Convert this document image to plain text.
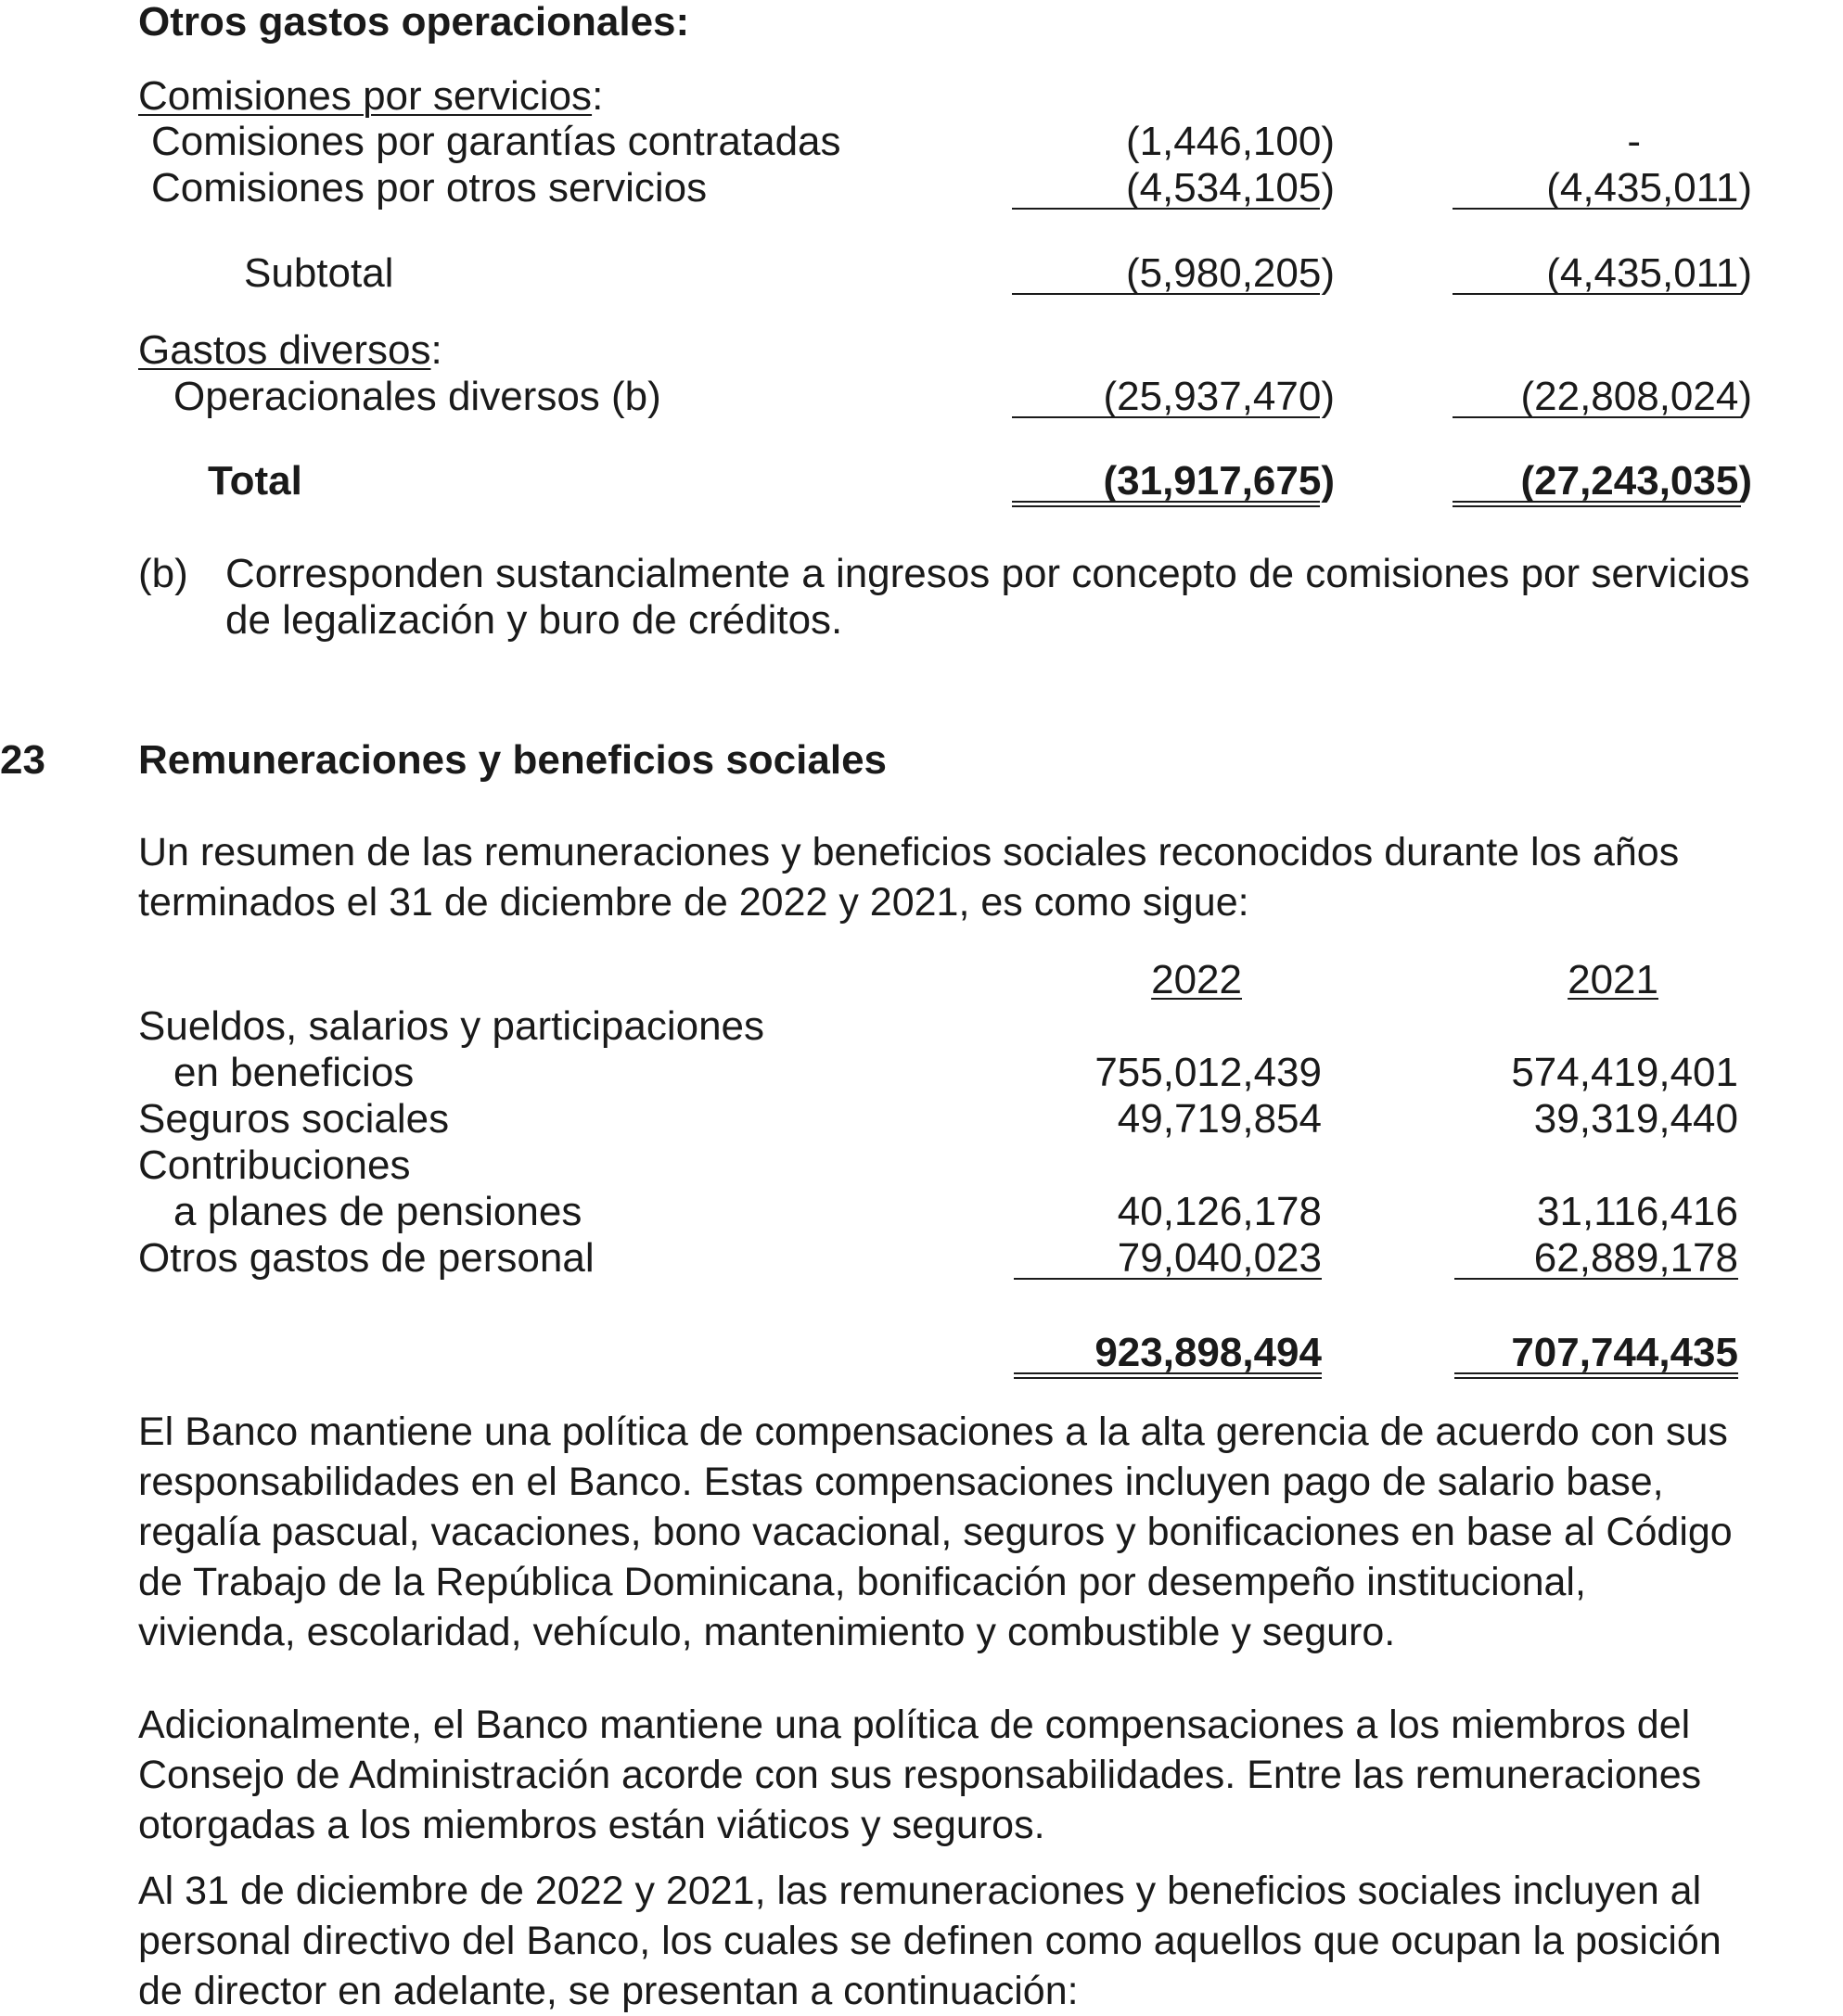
Otros gastos operacionales:
Comisiones por servicios:
Comisiones por garantías contratadas	(1,446,100)	-
Comisiones por otros servicios	(4,534,105)	(4,435,011)
Subtotal	(5,980,205)	(4,435,011)
Gastos diversos:
Operacionales diversos (b)	(25,937,470)	(22,808,024)
Total	(31,917,675)	(27,243,035)
(b) Corresponden sustancialmente a ingresos por concepto de comisiones por servicios
de legalización y buro de créditos.
23 Remuneraciones y beneficios sociales
Un resumen de las remuneraciones y beneficios sociales reconocidos durante los años
terminados el 31 de diciembre de 2022 y 2021, es como sigue:
2022	2021
Sueldos, salarios y participaciones
en beneficios	755,012,439	574,419,401
Seguros sociales	49,719,854	39,319,440
Contribuciones
a planes de pensiones	40,126,178	31,116,416
Otros gastos de personal	79,040,023	62,889,178
923,898,494	707,744,435
El Banco mantiene una política de compensaciones a la alta gerencia de acuerdo con sus
responsabilidades en el Banco. Estas compensaciones incluyen pago de salario base,
regalía pascual, vacaciones, bono vacacional, seguros y bonificaciones en base al Código
de Trabajo de la República Dominicana, bonificación por desempeño institucional,
vivienda, escolaridad, vehículo, mantenimiento y combustible y seguro.
Adicionalmente, el Banco mantiene una política de compensaciones a los miembros del
Consejo de Administración acorde con sus responsabilidades. Entre las remuneraciones
otorgadas a los miembros están viáticos y seguros.
Al 31 de diciembre de 2022 y 2021, las remuneraciones y beneficios sociales incluyen al
personal directivo del Banco, los cuales se definen como aquellos que ocupan la posición
de director en adelante, se presentan a continuación:
